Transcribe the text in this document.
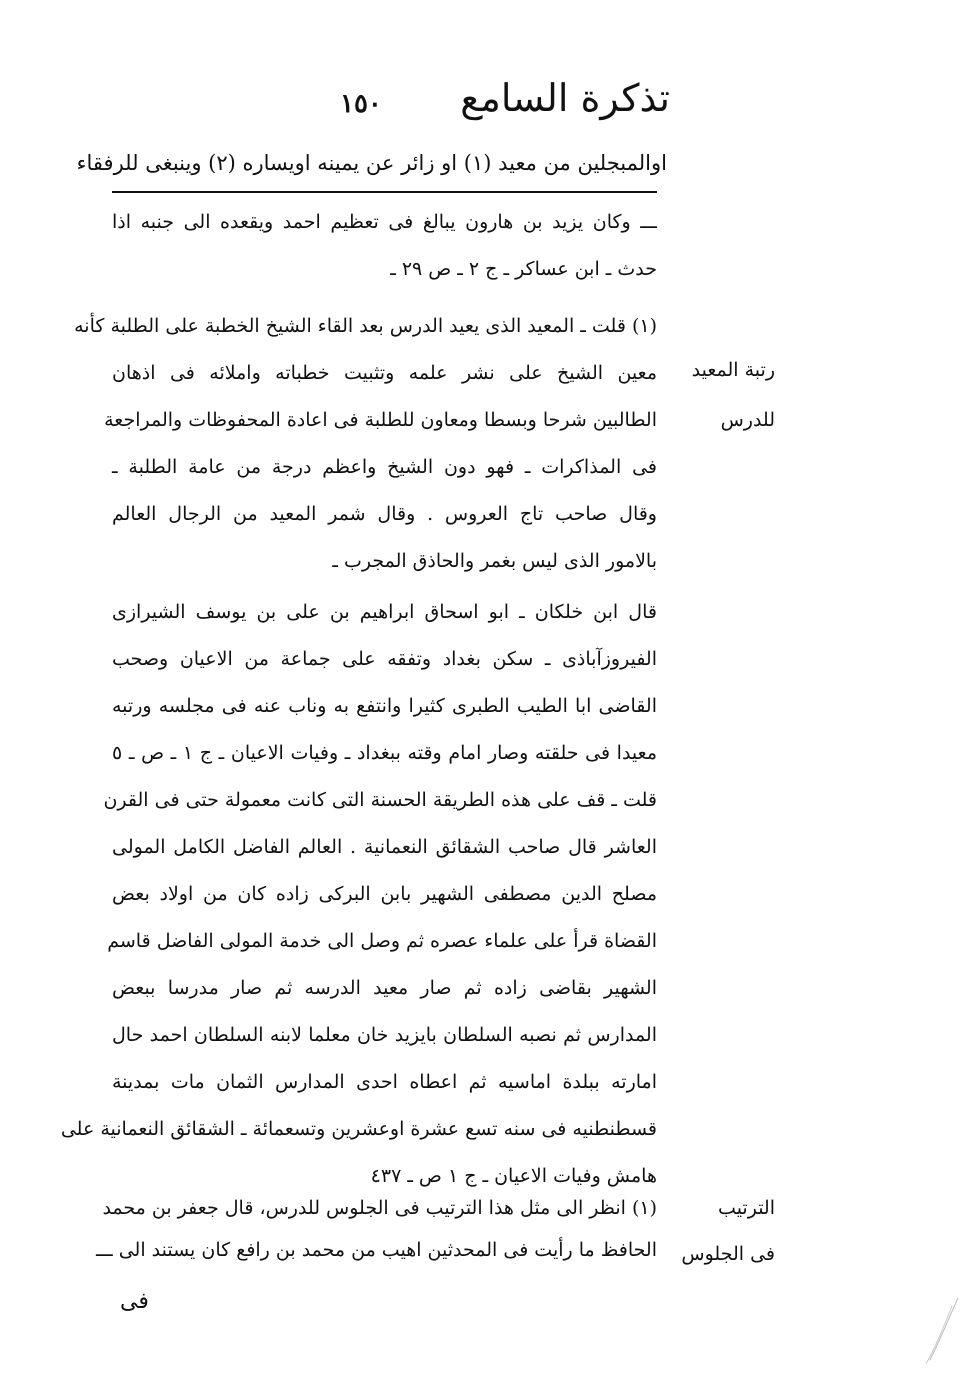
تذكرة السامع
١٥٠
اوالمبجلين من معيد (١) او زائر عن يمينه اويساره (٢) وينبغى للرفقاء
ـــ وكان يزيد بن هارون يبالغ فى تعظيم احمد ويقعده الى جنبه اذا
حدث ـ ابن عساكر ـ ج ٢ ـ ص ٢٩ ـ
(١) قلت ـ المعيد الذى يعيد الدرس بعد القاء الشيخ الخطبة على الطلبة كأنه
معين الشيخ على نشر علمه وتثبيت خطباته واملائه فى اذهان
الطالبين شرحا وبسطا ومعاون للطلبة فى اعادة المحفوظات والمراجعة
فى المذاكرات ـ فهو دون الشيخ واعظم درجة من عامة الطلبة ـ
وقال صاحب تاج العروس . وقال شمر المعيد من الرجال العالم
بالامور الذى ليس بغمر والحاذق المجرب ـ
قال ابن خلكان ـ ابو اسحاق ابراهيم بن على بن يوسف الشيرازى
الفيروزآباذى ـ سكن بغداد وتفقه على جماعة من الاعيان وصحب
القاضى ابا الطيب الطبرى كثيرا وانتفع به وناب عنه فى مجلسه ورتبه
معيدا فى حلقته وصار امام وقته ببغداد ـ وفيات الاعيان ـ ج ١ ـ ص ـ ٥
قلت ـ قف على هذه الطريقة الحسنة التى كانت معمولة حتى فى القرن
العاشر قال صاحب الشقائق النعمانية . العالم الفاضل الكامل المولى
مصلح الدين مصطفى الشهير بابن البركى زاده كان من اولاد بعض
القضاة قرأ على علماء عصره ثم وصل الى خدمة المولى الفاضل قاسم
الشهير بقاضى زاده ثم صار معيد الدرسه ثم صار مدرسا ببعض
المدارس ثم نصبه السلطان بايزيد خان معلما لابنه السلطان احمد حال
امارته ببلدة اماسيه ثم اعطاه احدى المدارس الثمان مات بمدينة
قسطنطنيه فى سنه تسع عشرة اوعشرين وتسعمائة ـ الشقائق النعمانية على
هامش وفيات الاعيان ـ ج ١ ص ـ ٤٣٧
(١) انظر الى مثل هذا الترتيب فى الجلوس للدرس، قال جعفر بن محمد
الحافظ ما رأيت فى المحدثين اهيب من محمد بن رافع كان يستند الى ـــ
رتبة المعيد
للدرس
الترتيب
فى الجلوس
فى
